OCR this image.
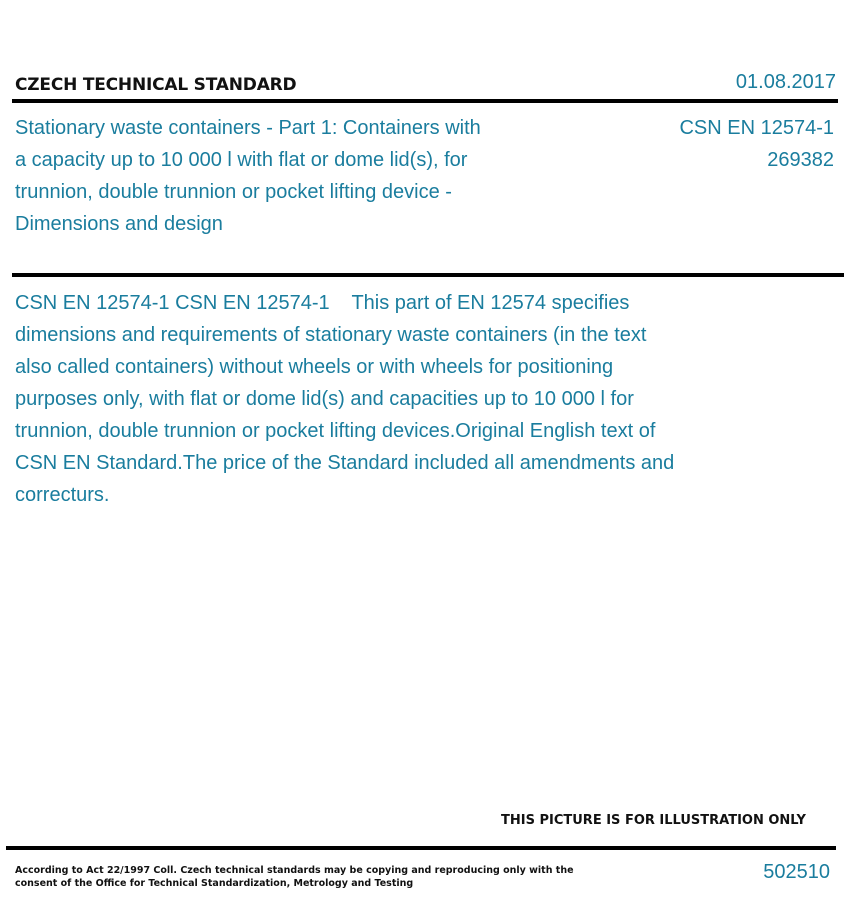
CZECH TECHNICAL STANDARD	01.08.2017
Stationary waste containers - Part 1: Containers with a capacity up to 10 000 l with flat or dome lid(s), for trunnion, double trunnion or pocket lifting device - Dimensions and design
CSN EN 12574-1
269382
CSN EN 12574-1 CSN EN 12574-1    This part of EN 12574 specifies dimensions and requirements of stationary waste containers (in the text also called containers) without wheels or with wheels for positioning purposes only, with flat or dome lid(s) and capacities up to 10 000 l for trunnion, double trunnion or pocket lifting devices.Original English text of CSN EN Standard.The price of the Standard included all amendments and correcturs.
THIS PICTURE IS FOR ILLUSTRATION ONLY
According to Act 22/1997 Coll. Czech technical standards may be copying and reproducing only with the consent of the Office for Technical Standardization, Metrology and Testing
502510
